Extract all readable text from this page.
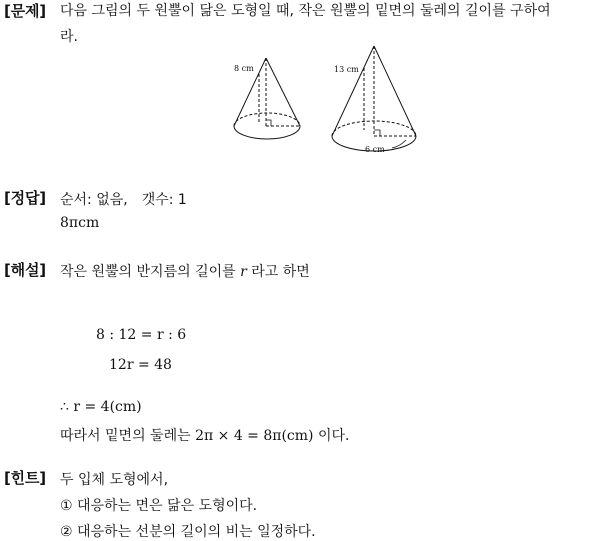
[문제] 다음 그림의 두 원뿔이 닮은 도형일 때, 작은 원뿔의 밑면의 둘레의 길이를 구하여
라.
8 cm	13 cm
6 cm
[정답] 순서: 없음, 갯수: 1
8πcm
[해설] 작은 원뿔의 반지름의 길이를 r 라고 하면
8 : 12 = r : 6
12r = 48
∴ r = 4(cm)
따라서 밑면의 둘레는 2π × 4 = 8π(cm) 이다.
[힌트] 두 입체 도형에서,
① 대응하는 면은 닮은 도형이다.
② 대응하는 선분의 길이의 비는 일정하다.
